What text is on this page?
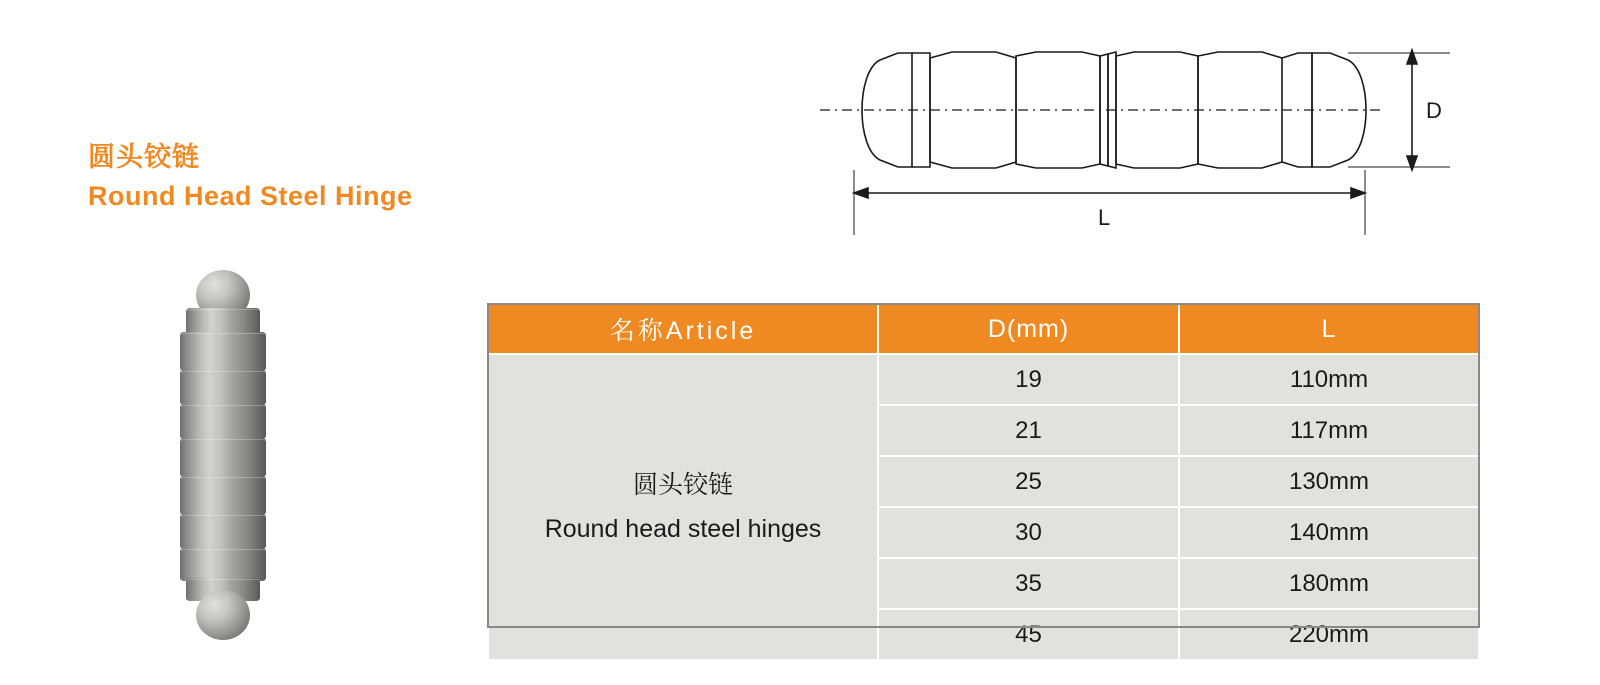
圆头铰链
Round Head Steel Hinge
D
L
名称Article	D(mm)	L

圆头铰链
Round head steel hinges	19	110mm
	21	117mm
	25	130mm
	30	140mm
	35	180mm
	45	220mm
